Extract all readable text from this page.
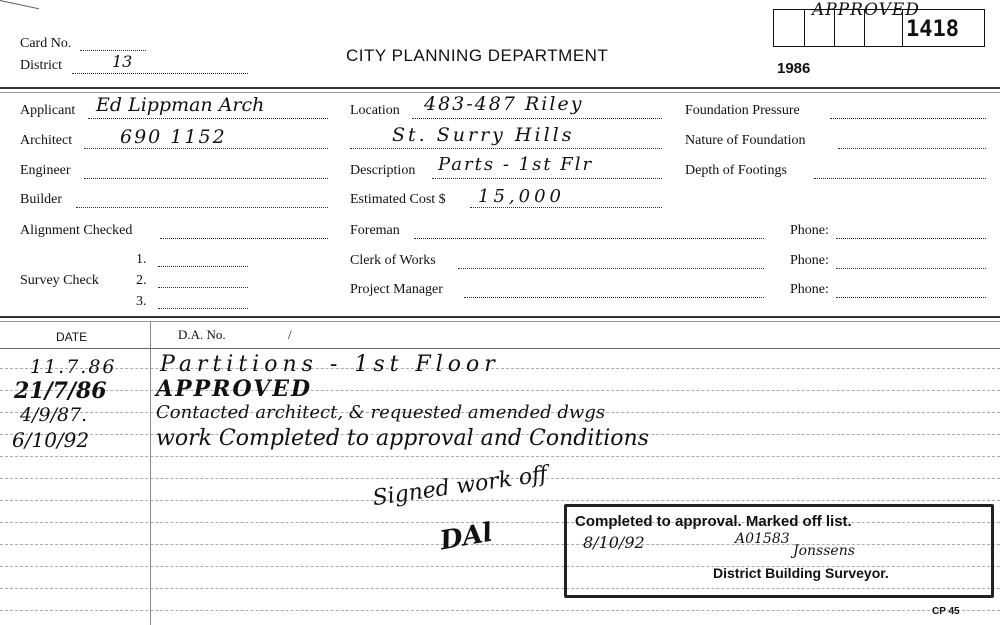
Card No.
District	13	CITY PLANNING DEPARTMENT
1986
APPROVED
1418
Applicant Ed Lippman Arch
Architect	690 1152
Engineer
Builder
Alignment Checked
Survey Check
1.
2.
3.
Location 483-487 Riley
St. Surry Hills
Description Parts - 1st Flr
Estimated Cost $ 15,000
Foreman	Phone:
Clerk of Works	Phone:
Project Manager	Phone:
Foundation Pressure
Nature of Foundation
Depth of Footings
DATE	D.A. No.	/
11.7.86 Partitions - 1st Floor
21/7/86 APPROVED
4/9/87.	Contacted architect, & requested amended dwgs
6/10/92	work Completed to approval and Conditions
Signed work off
DAl	Completed to approval. Marked off list.
8/10/92	A01583
Jonssens
District Building Surveyor.
CP 45
